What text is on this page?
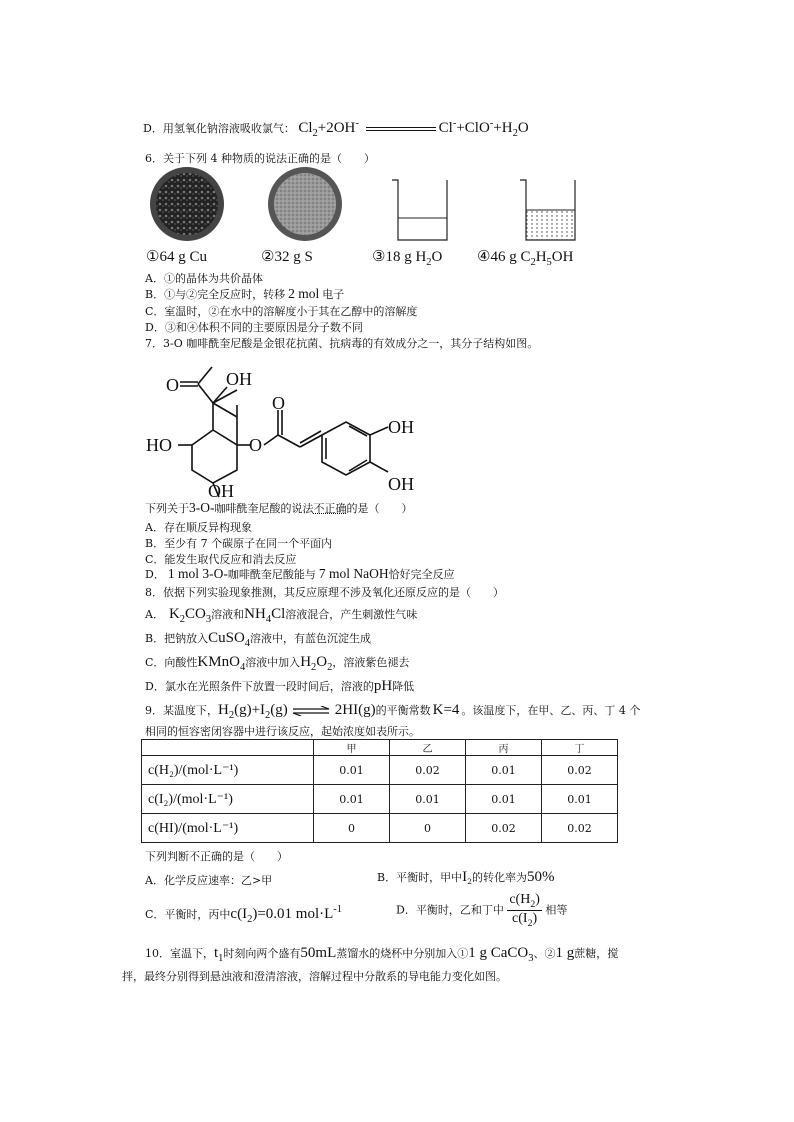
D．用氢氧化钠溶液吸收氯气： $Cl_2+2OH^-$	$Cl^-+ClO^-+H_2O$
6．关于下列 4 种物质的说法正确的是（　　）
①64 g Cu	②32 g S	③18 g $H_2O$ ④46 g $C_2H_5OH$
A．①的晶体为共价晶体
B．①与②完全反应时，转移 2 mol 电子
C．室温时，②在水中的溶解度小于其在乙醇中的溶解度
D．③和④体积不同的主要原因是分子数不同
7．3-O 咖啡酰奎尼酸是金银花抗菌、抗病毒的有效成分之一，其分子结构如图。
O	OH
HO
OH
O
O
OH
OH
下列关于3-O-咖啡酰奎尼酸的说法不正确的是（　　）
A．存在顺反异构现象
B．至少有 7 个碳原子在同一个平面内
C．能发生取代反应和消去反应
D． 1 mol 3-O-咖啡酰奎尼酸能与 7 mol NaOH恰好完全反应
8．依据下列实验现象推测，其反应原理不涉及氧化还原反应的是（　　）
A． $K_2CO_3$溶液和$NH_4Cl$溶液混合，产生刺激性气味
B．把钠放入CuSO$_4$溶液中，有蓝色沉淀生成
C．向酸性KMnO$_4$溶液中加入$H_2O_2$，溶液紫色褪去
D．氯水在光照条件下放置一段时间后，溶液的pH降低
9．某温度下，$H_2(g)+I_2(g)$ ⇌ 2HI(g)的平衡常数 K=4 。该温度下，在甲、乙、丙、丁 4 个
相同的恒容密闭容器中进行该反应，起始浓度如表所示。
	甲	乙	丙	丁
c(H₂)/(mol·L⁻¹)	0.01	0.02	0.01	0.02
c(I₂)/(mol·L⁻¹)	0.01	0.01	0.01	0.01
c(HI)/(mol·L⁻¹)	0	0	0.02	0.02
下列判断不正确的是（　　）
A．化学反应速率：乙>甲	B．平衡时，甲中$I_2$的转化率为50%
C．平衡时，丙中$c(I_2)=0.01$ $mol\cdot L^{-1}$	D．平衡时，乙和丁中 $\frac{c(H_2)}{c(I_2)}$ 相等
10．室温下，$t_1$时刻向两个盛有50mL蒸馏水的烧杯中分别加入①1 g CaCO$_3$、②1 g蔗糖，搅
拌，最终分别得到悬浊液和澄清溶液，溶解过程中分散系的导电能力变化如图。
